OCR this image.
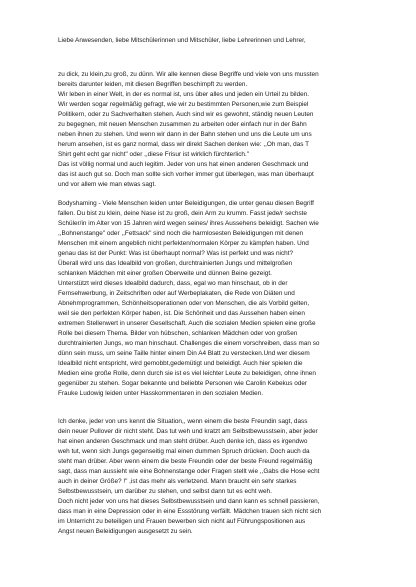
Liebe Anwesenden, liebe Mitschülerinnen und Mitschüler, liebe Lehrerinnen und Lehrer,
zu dick, zu klein,zu groß, zu dünn. Wir alle kennen diese Begriffe und viele von uns mussten
bereits darunter leiden, mit diesen Begriffen beschimpft zu werden.
Wir leben in einer Welt, in der es normal ist, uns über alles und jeden ein Urteil zu bilden.
Wir werden sogar regelmäßig gefragt, wie wir zu bestimmten Personen,wie zum Beispiel
Politikern, oder zu Sachverhalten stehen. Auch sind wir es gewohnt, ständig neuen Leuten
zu begegnen, mit neuen Menschen zusammen zu arbeiten oder einfach nur in der Bahn
neben ihnen zu stehen. Und wenn wir dann in der Bahn stehen und uns die Leute um uns
herum ansehen, ist es ganz normal, dass wir direkt Sachen denken wie: ,,Oh man, das T
Shirt geht echt gar nicht" oder ,,diese Frisur ist wirklich fürchterlich."
Das ist völlig normal und auch legitim. Jeder von uns hat einen anderen Geschmack und
das ist auch gut so. Doch man sollte sich vorher immer gut überlegen, was man überhaupt
und vor allem wie man etwas sagt.
Bodyshaming - Viele Menschen leiden unter Beleidigungen, die unter genau diesen Begriff
fallen. Du bist zu klein, deine Nase ist zu groß, dein Arm zu krumm. Fasst jede/r sechste
Schüler/in im Alter von 15 Jahren wird wegen seines/ ihres Aussehens beleidigt. Sachen wie
,,Bohnenstange" oder ,,Fettsack" sind noch die harmlosesten Beleidigungen mit denen
Menschen mit einem angeblich nicht perfekten/normalen Körper zu kämpfen haben. Und
genau das ist der Punkt: Was ist überhaupt normal? Was ist perfekt und was nicht?
Überall wird uns das Idealbild von großen, durchtrainierten Jungs und mittelgroßen
schlanken Mädchen mit einer großen Oberweite und dünnen Beine gezeigt.
Unterstützt wird dieses Idealbild dadurch, dass, egal wo man hinschaut, ob in der
Fernsehwerbung, in Zeitschriften oder auf Werbeplakaten, die Rede von Diäten und
Abnehmprogrammen, Schönheitsoperationen oder von Menschen, die als Vorbild gelten,
weil sie den perfekten Körper haben, ist. Die Schönheit und das Aussehen haben einen
extremen Stellenwert in unserer Gesellschaft. Auch die sozialen Medien spielen eine große
Rolle bei diesem Thema. Bilder von hübschen, schlanken Mädchen oder von großen
durchtrainierten Jungs, wo man hinschaut. Challenges die einem vorschreiben, dass man so
dünn sein muss, um seine Taille hinter einem Din A4 Blatt zu verstecken.Und wer diesem
Idealbild nicht entspricht, wird gemobbt,gedemütigt und beleidigt. Auch hier spielen die
Medien eine große Rolle, denn durch sie ist es viel leichter Leute zu beleidigen, ohne ihnen
gegenüber zu stehen. Sogar bekannte und beliebte Personen wie Carolin Kebekus oder
Frauke Ludowig leiden unter Hasskommentaren in den sozialen Medien.
Ich denke, jeder von uns kennt die Situation,, wenn einem die beste Freundin sagt, dass
dein neuer Pullover dir nicht steht. Das tut weh und kratzt am Selbstbewusstsein, aber jeder
hat einen anderen Geschmack und man steht drüber. Auch denke ich, dass es irgendwo
weh tut, wenn sich Jungs gegenseitig mal einen dummen Spruch drücken. Doch auch da
steht man drüber. Aber wenn einem die beste Freundin oder der beste Freund regelmäßig
sagt, dass man aussieht wie eine Bohnenstange oder Fragen stellt wie ,,Gabs die Hose echt
auch in deiner Größe? !" ,ist das mehr als verletzend. Mann braucht ein sehr starkes
Selbstbewusstsein, um darüber zu stehen, und selbst dann tut es echt weh.
Doch nicht jeder von uns hat dieses Selbstbewusstsein und dann kann es schnell passieren,
dass man in eine Depression oder in eine Essstörung verfällt. Mädchen trauen sich nicht sich
im Unterricht zu beteiligen und Frauen bewerben sich nicht auf Führungspositionen aus
Angst neuen Beleidigungen ausgesetzt zu sein.
